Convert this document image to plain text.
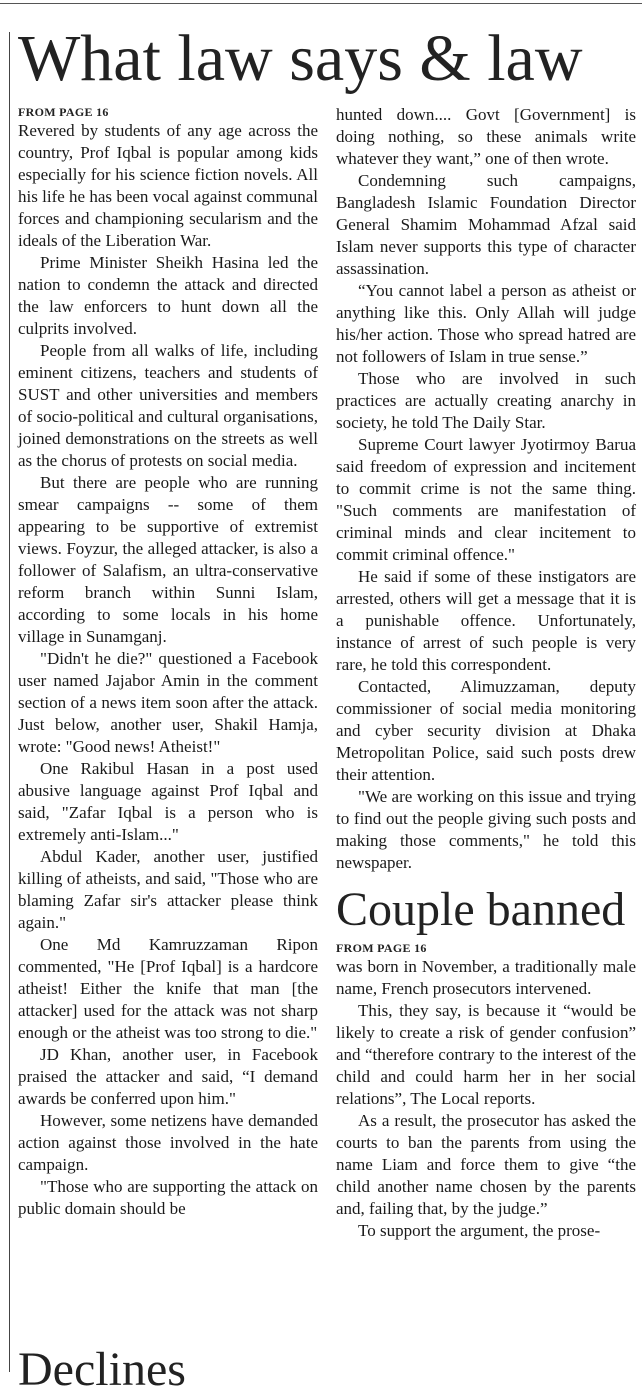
What law says & law

FROM PAGE 16

Revered by students of any age across the country, Prof Iqbal is popular among kids especially for his science fiction novels. All his life he has been vocal against communal forces and championing secularism and the ideals of the Liberation War.

Prime Minister Sheikh Hasina led the nation to condemn the attack and directed the law enforcers to hunt down all the culprits involved.

People from all walks of life, including eminent citizens, teachers and students of SUST and other universities and members of socio-political and cultural organisations, joined demonstrations on the streets as well as the chorus of protests on social media.

But there are people who are running smear campaigns -- some of them appearing to be supportive of extremist views. Foyzur, the alleged attacker, is also a follower of Salafism, an ultra-conservative reform branch within Sunni Islam, according to some locals in his home village in Sunamganj.

"Didn't he die?" questioned a Facebook user named Jajabor Amin in the comment section of a news item soon after the attack. Just below, another user, Shakil Hamja, wrote: "Good news! Atheist!"

One Rakibul Hasan in a post used abusive language against Prof Iqbal and said, "Zafar Iqbal is a person who is extremely anti-Islam..."

Abdul Kader, another user, justified killing of atheists, and said, "Those who are blaming Zafar sir's attacker please think again."

One Md Kamruzzaman Ripon commented, "He [Prof Iqbal] is a hardcore atheist! Either the knife that man [the attacker] used for the attack was not sharp enough or the atheist was too strong to die."

JD Khan, another user, in Facebook praised the attacker and said, “I demand awards be conferred upon him."

However, some netizens have demanded action against those involved in the hate campaign.

"Those who are supporting the attack on public domain should be

hunted down.... Govt [Government] is doing nothing, so these animals write whatever they want,” one of then wrote.

Condemning such campaigns, Bangladesh Islamic Foundation Director General Shamim Mohammad Afzal said Islam never supports this type of character assassination.

“You cannot label a person as atheist or anything like this. Only Allah will judge his/her action. Those who spread hatred are not followers of Islam in true sense.”

Those who are involved in such practices are actually creating anarchy in society, he told The Daily Star.

Supreme Court lawyer Jyotirmoy Barua said freedom of expression and incitement to commit crime is not the same thing. "Such comments are manifestation of criminal minds and clear incitement to commit criminal offence."

He said if some of these instigators are arrested, others will get a message that it is a punishable offence. Unfortunately, instance of arrest of such people is very rare, he told this correspondent.

Contacted, Alimuzzaman, deputy commissioner of social media monitoring and cyber security division at Dhaka Metropolitan Police, said such posts drew their attention.

"We are working on this issue and trying to find out the people giving such posts and making those comments," he told this newspaper.

Couple banned

FROM PAGE 16

was born in November, a traditionally male name, French prosecutors intervened.

This, they say, is because it “would be likely to create a risk of gender confusion” and “therefore contrary to the interest of the child and could harm her in her social relations”, The Local reports.

As a result, the prosecutor has asked the courts to ban the parents from using the name Liam and force them to give “the child another name chosen by the parents and, failing that, by the judge.”

To support the argument, the prose-

Declines
